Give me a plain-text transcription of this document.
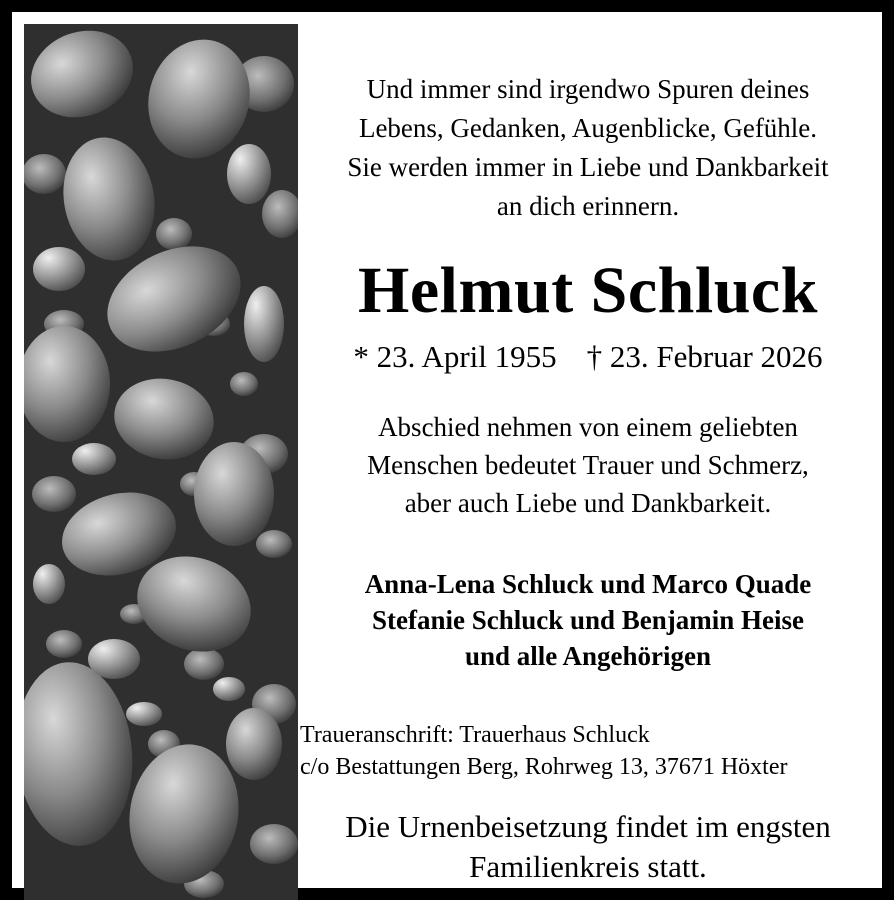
Und immer sind irgendwo Spuren deines
Lebens, Gedanken, Augenblicke, Gefühle.
Sie werden immer in Liebe und Dankbarkeit
an dich erinnern.
Helmut Schluck
* 23. April 1955 † 23. Februar 2026
Abschied nehmen von einem geliebten
Menschen bedeutet Trauer und Schmerz,
aber auch Liebe und Dankbarkeit.
Anna-Lena Schluck und Marco Quade
Stefanie Schluck und Benjamin Heise
und alle Angehörigen
Traueranschrift: Trauerhaus Schluck
c/o Bestattungen Berg, Rohrweg 13, 37671 Höxter
Die Urnenbeisetzung findet im engsten
Familienkreis statt.
